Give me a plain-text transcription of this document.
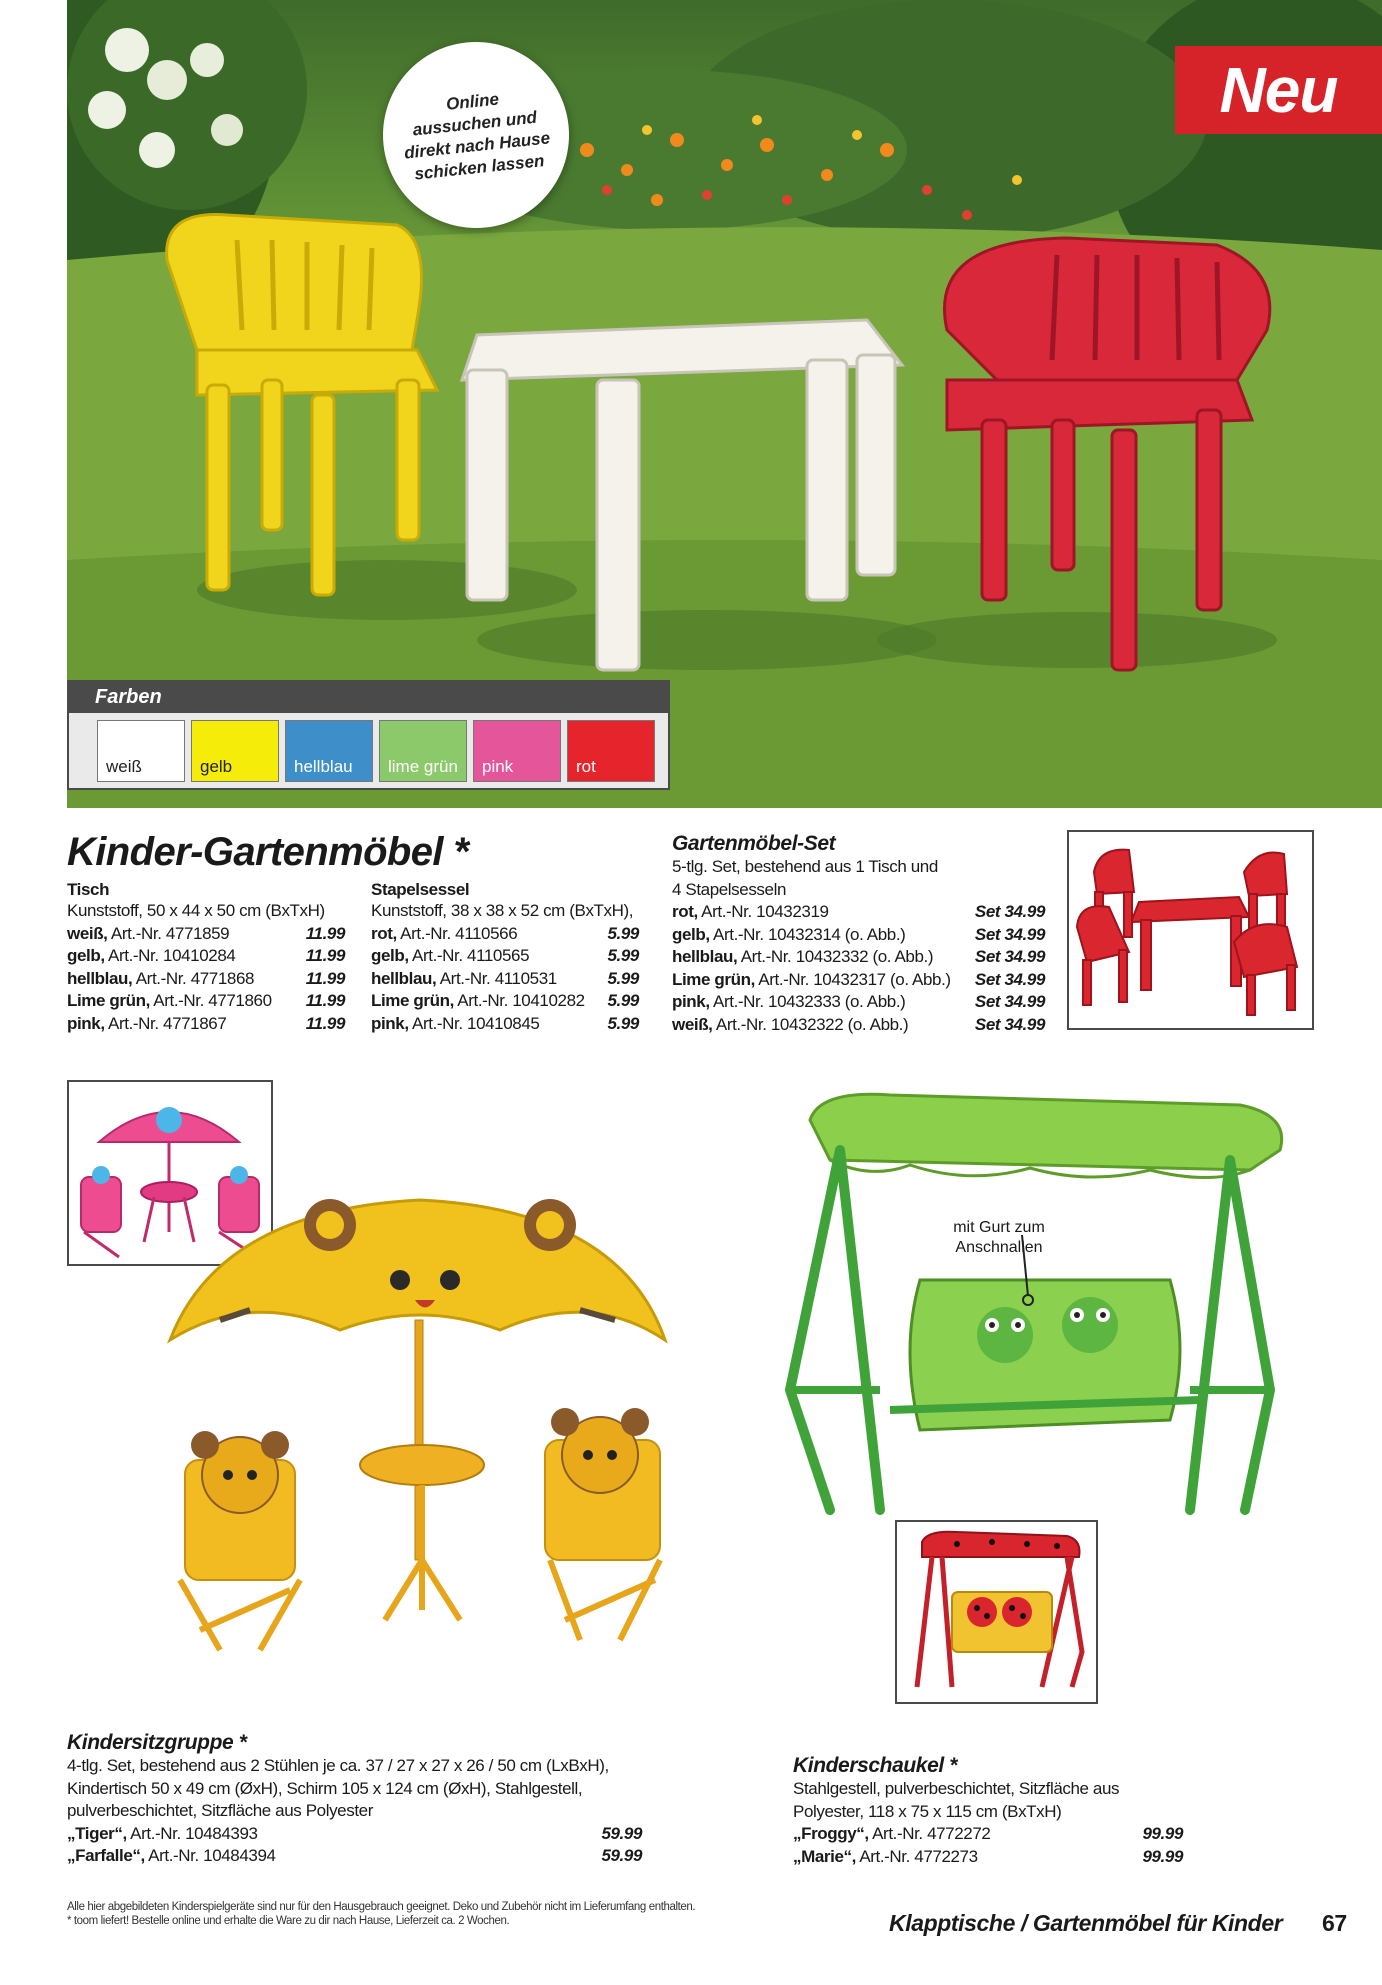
Neu
Online
aussuchen und
direkt nach Hause
schicken lassen
Farben
weiß	gelb	hellblau lime grün pink	rot
Kinder-Gartenmöbel *
Tisch
Kunststoff, 50 x 44 x 50 cm (BxTxH)
weiß, Art.-Nr. 4771859	11.99
gelb, Art.-Nr. 10410284	11.99
hellblau, Art.-Nr. 4771868	11.99
Lime grün, Art.-Nr. 4771860	11.99
pink, Art.-Nr. 4771867	11.99
Stapelsessel
Kunststoff, 38 x 38 x 52 cm (BxTxH),
rot, Art.-Nr. 4110566	5.99
gelb, Art.-Nr. 4110565	5.99
hellblau, Art.-Nr. 4110531	5.99
Lime grün, Art.-Nr. 10410282	5.99
pink, Art.-Nr. 10410845	5.99
Gartenmöbel-Set
5-tlg. Set, bestehend aus 1 Tisch und
4 Stapelsesseln
rot, Art.-Nr. 10432319	Set 34.99
gelb, Art.-Nr. 10432314 (o. Abb.)	Set 34.99
hellblau, Art.-Nr. 10432332 (o. Abb.)	Set 34.99
Lime grün, Art.-Nr. 10432317 (o. Abb.)	Set 34.99
pink, Art.-Nr. 10432333 (o. Abb.)	Set 34.99
weiß, Art.-Nr. 10432322 (o. Abb.)	Set 34.99
Kindersitzgruppe *
4-tlg. Set, bestehend aus 2 Stühlen je ca. 37 / 27 x 27 x 26 / 50 cm (LxBxH),
Kindertisch 50 x 49 cm (ØxH), Schirm 105 x 124 cm (ØxH), Stahlgestell,
pulverbeschichtet, Sitzfläche aus Polyester
„Tiger“, Art.-Nr. 10484393	59.99
„Farfalle“, Art.-Nr. 10484394	59.99
mit Gurt zum
Anschnallen
Kinderschaukel *
Stahlgestell, pulverbeschichtet, Sitzfläche aus
Polyester, 118 x 75 x 115 cm (BxTxH)
„Froggy“, Art.-Nr. 4772272	99.99
„Marie“, Art.-Nr. 4772273	99.99
Alle hier abgebildeten Kinderspielgeräte sind nur für den Hausgebrauch geeignet. Deko und Zubehör nicht im Lieferumfang enthalten.
* toom liefert! Bestelle online und erhalte die Ware zu dir nach Hause, Lieferzeit ca. 2 Wochen.	Klapptische / Gartenmöbel für Kinder 67
